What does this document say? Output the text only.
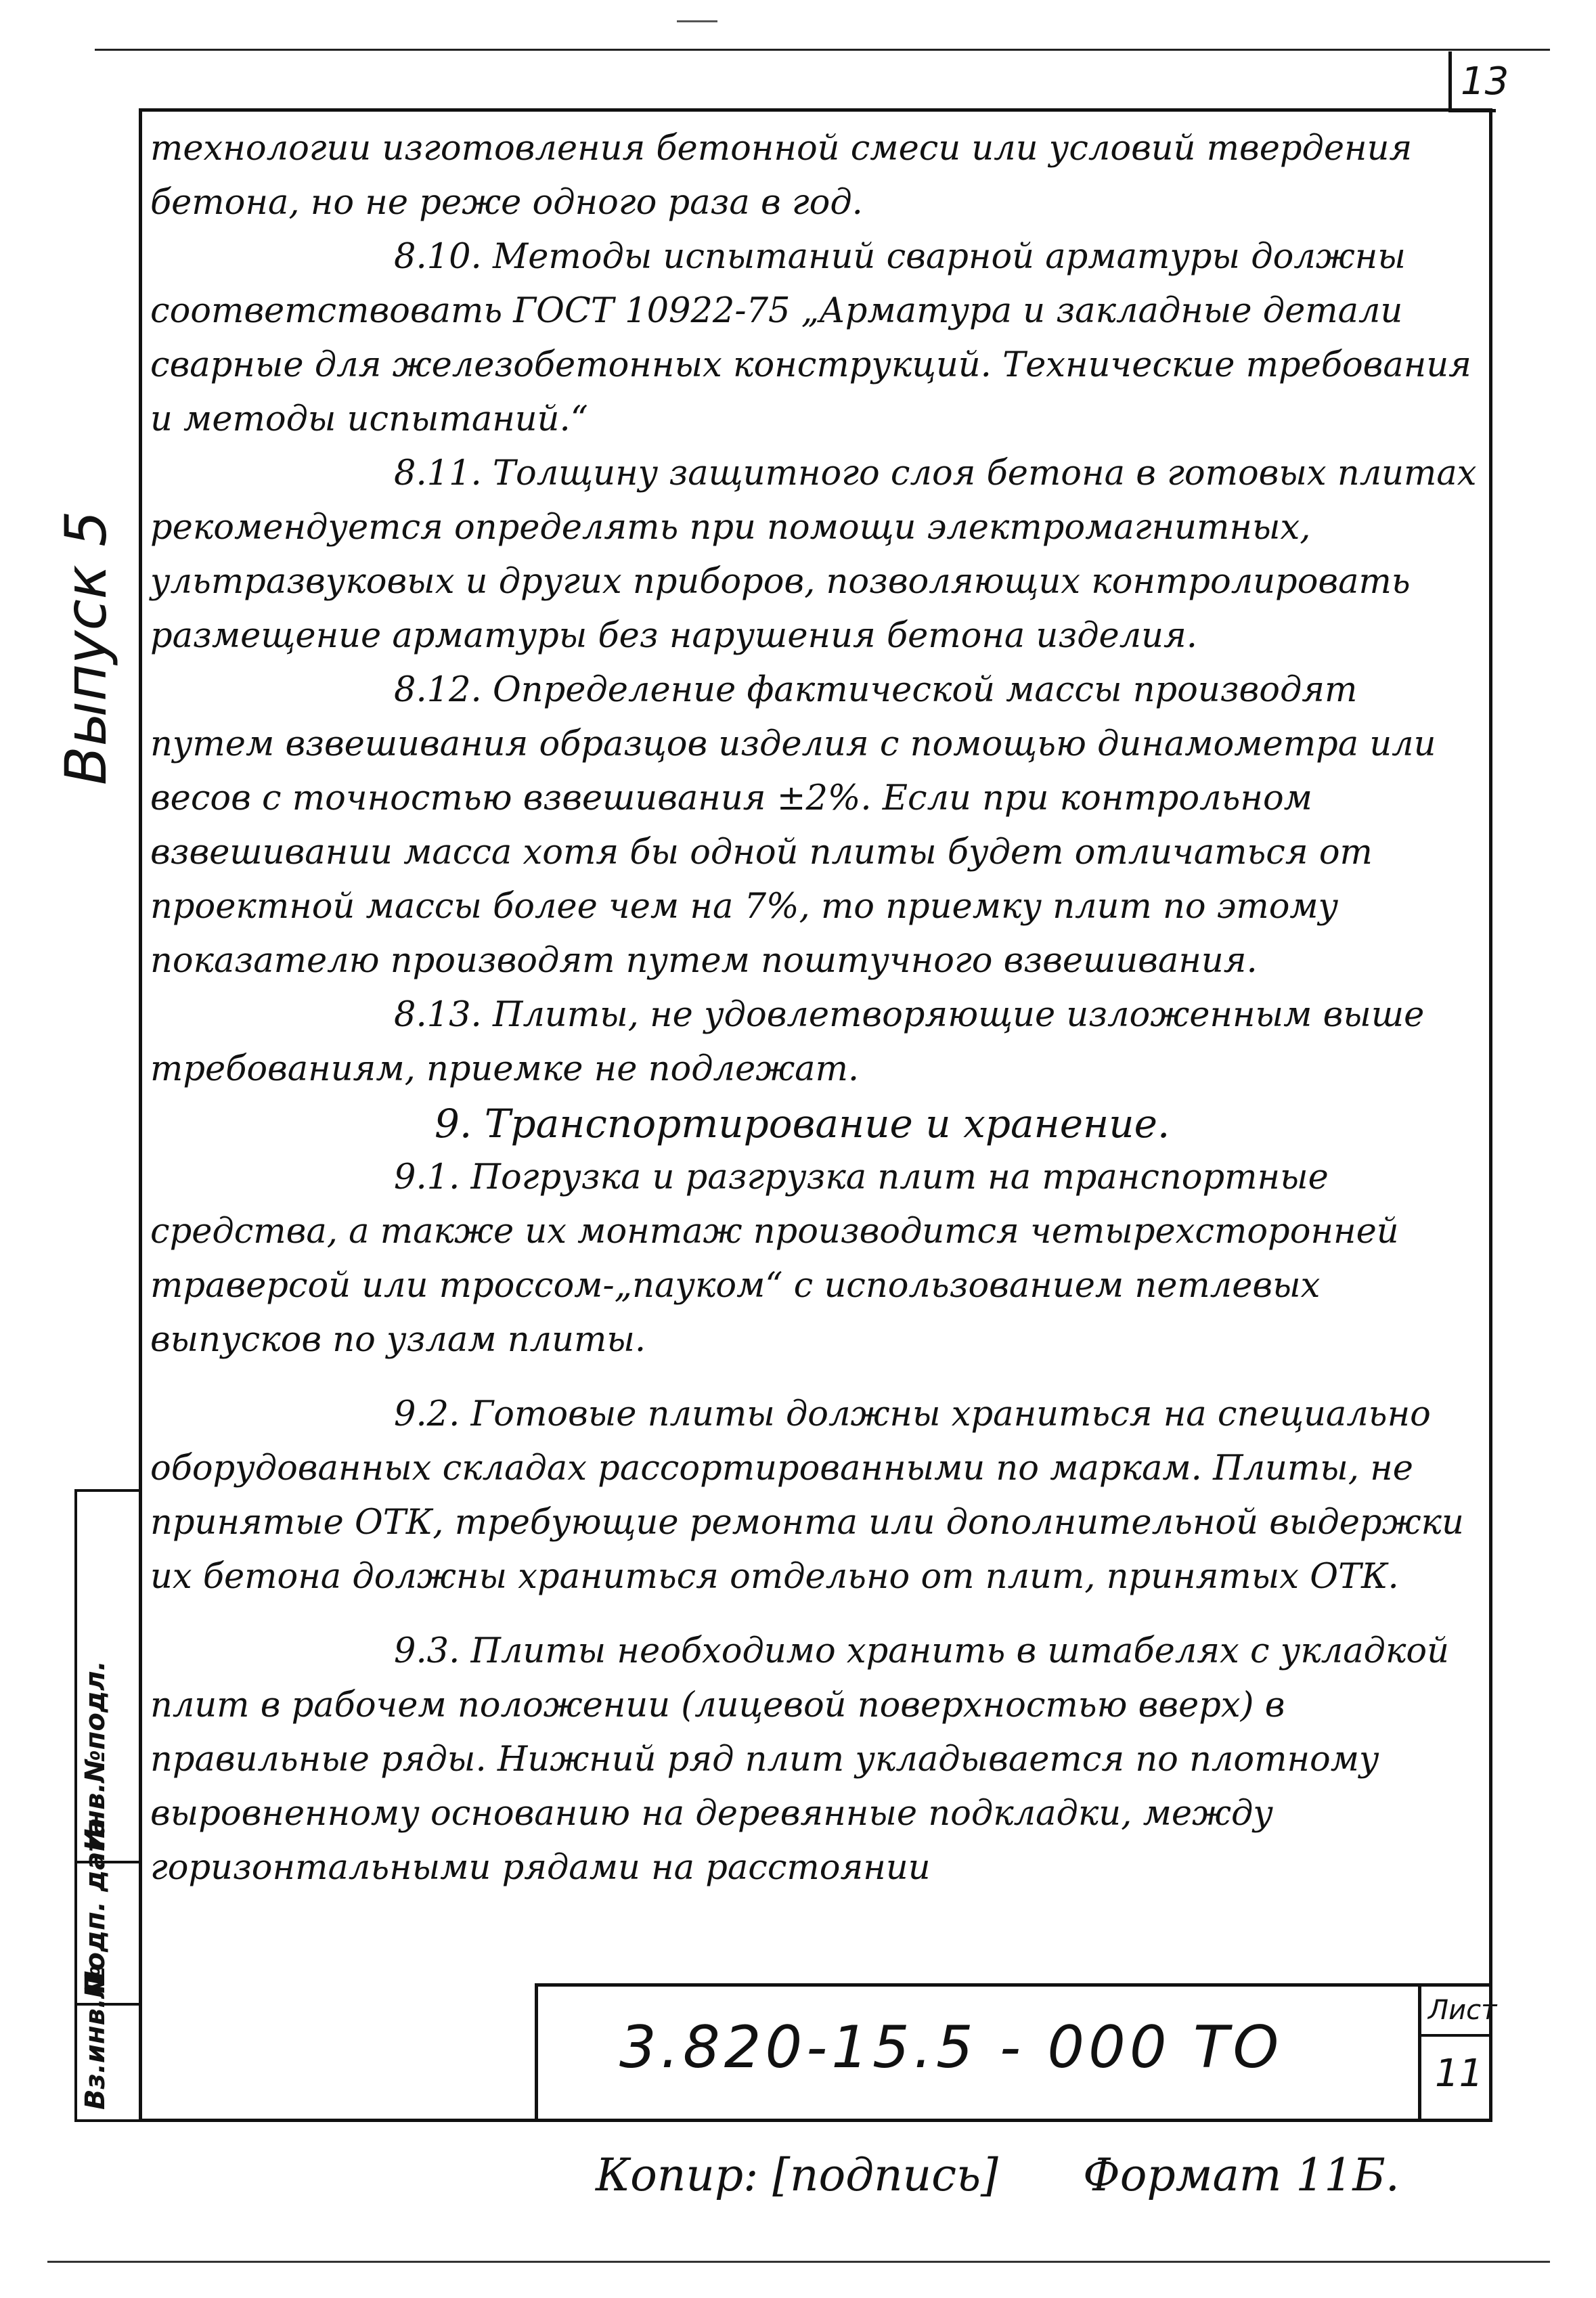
13
Выпуск 5
Инв.№подл.
Подп. дата
Вз.инв.№

технологии изготовления бетонной смеси или условий твердения бетона, но не реже одного раза в год.

8.10. Методы испытаний сварной арматуры должны соответствовать ГОСТ 10922-75 „Арматура и закладные детали сварные для железобетонных конструкций. Технические требования и методы испытаний.“

8.11. Толщину защитного слоя бетона в готовых плитах рекомендуется определять при помощи электромагнитных, ультразвуковых и других приборов, позволяющих контролировать размещение арматуры без нарушения бетона изделия.

8.12. Определение фактической массы производят путем взвешивания образцов изделия с помощью динамометра или весов с точностью взвешивания ±2%. Если при контрольном взвешивании масса хотя бы одной плиты будет отличаться от проектной массы более чем на 7%, то приемку плит по этому показателю производят путем поштучного взвешивания.

8.13. Плиты, не удовлетворяющие изложенным выше требованиям, приемке не подлежат.

9. Транспортирование и хранение.

9.1. Погрузка и разгрузка плит на транспортные средства, а также их монтаж производится четырехсторонней траверсой или троссом-„пауком“ с использованием петлевых выпусков по узлам плиты.

9.2. Готовые плиты должны храниться на специально оборудованных складах рассортированными по маркам. Плиты, не принятые ОТК, требующие ремонта или дополнительной выдержки их бетона должны храниться отдельно от плит, принятых ОТК.

9.3. Плиты необходимо хранить в штабелях с укладкой плит в рабочем положении (лицевой поверхностью вверх) в правильные ряды. Нижний ряд плит укладывается по плотному выровненному основанию на деревянные подкладки, между горизонтальными рядами на расстоянии

3.820-15.5 - 000 ТО
Лист
11
Копир: [подпись] Формат 11Б.
